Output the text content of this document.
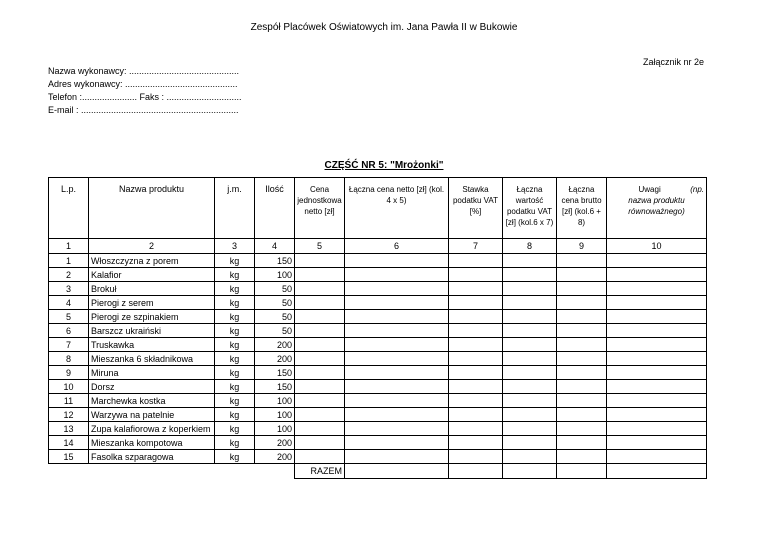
Zespół Placówek Oświatowych im. Jana Pawła II w Bukowie
Załącznik nr 2e
Nazwa wykonawcy: ............................................
Adres wykonawcy: .............................................
Telefon :...................... Faks : ..............................
E-mail : ...............................................................
CZĘŚĆ NR 5: "Mrożonki"
L.p.	Nazwa produktu	j.m.	Ilość	Cena jednostkowa netto [zł]	Łączna cena netto [zł] (kol. 4 x 5)	Stawka podatku VAT [%]	Łączna wartość podatku VAT [zł] (kol.6 x 7)	Łączna cena brutto [zł] (kol.6 + 8)	Uwagi (np.
nazwa produktu równoważnego)

1	2	3	4	5	6	7	8	9	10
1	Włoszczyzna z porem	kg	150						
2	Kalafior	kg	100						
3	Brokuł	kg	50						
4	Pierogi z serem	kg	50						
5	Pierogi ze szpinakiem	kg	50						
6	Barszcz ukraiński	kg	50						
7	Truskawka	kg	200						
8	Mieszanka 6 składnikowa	kg	200						
9	Miruna	kg	150						
10	Dorsz	kg	150						
11	Marchewka kostka	kg	100						
12	Warzywa na patelnie	kg	100						
13	Zupa kalafiorowa z koperkiem	kg	100						
14	Mieszanka kompotowa	kg	200						
15	Fasolka szparagowa	kg	200						
				RAZEM					
